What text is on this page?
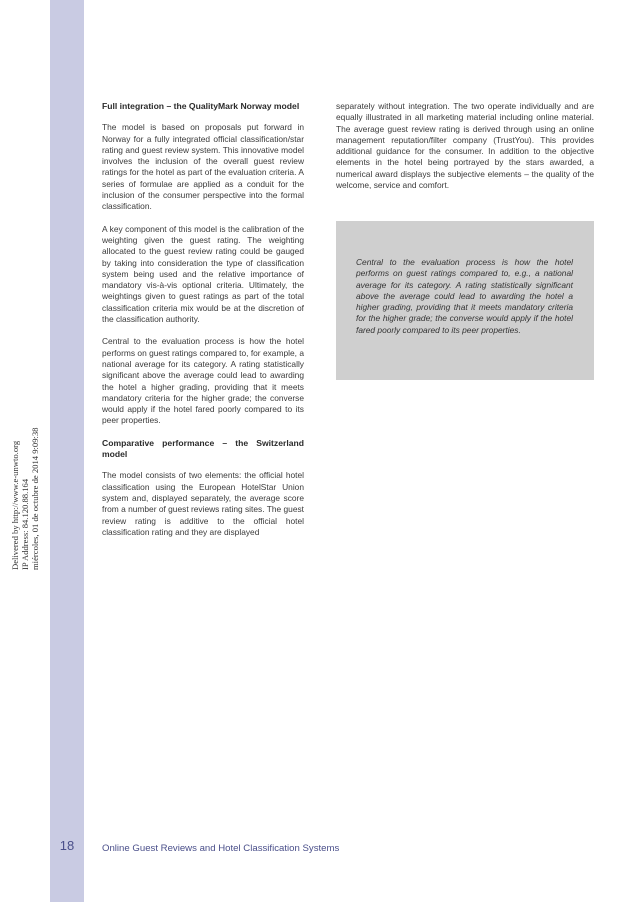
Delivered by http://www.e-unwto.org IP Address: 84.120.88.164 miércoles, 01 de octubre de 2014 9:09:38
Full integration – the QualityMark Norway model

The model is based on proposals put forward in Norway for a fully integrated official classification/star rating and guest review system. This innovative model involves the inclusion of the overall guest review ratings for the hotel as part of the evaluation criteria. A series of formulae are applied as a conduit for the inclusion of the consumer perspective into the formal classification.

A key component of this model is the calibration of the weighting given the guest rating. The weighting allocated to the guest review rating could be gauged by taking into consideration the type of classification system being used and the relative importance of mandatory vis-à-vis optional criteria. Ultimately, the weightings given to guest ratings as part of the total classification criteria mix would be at the discretion of the classification authority.

Central to the evaluation process is how the hotel performs on guest ratings compared to, for example, a national average for its category. A rating statistically significant above the average could lead to awarding the hotel a higher grading, providing that it meets mandatory criteria for the higher grade; the converse would apply if the hotel fared poorly compared to its peer properties.

Comparative performance – the Switzerland model

The model consists of two elements: the official hotel classification using the European HotelStar Union system and, displayed separately, the average score from a number of guest reviews rating sites. The guest review rating is additive to the official hotel classification rating and they are displayed

separately without integration. The two operate individually and are equally illustrated in all marketing material including online material. The average guest review rating is derived through using an online management reputation/filter company (TrustYou). This provides additional guidance for the consumer. In addition to the objective elements in the hotel being portrayed by the stars awarded, a numerical award displays the subjective elements – the quality of the welcome, service and comfort.

Central to the evaluation process is how the hotel performs on guest ratings compared to, e.g., a national average for its category. A rating statistically significant above the average could lead to awarding the hotel a higher grading, providing that it meets mandatory criteria for the higher grade; the converse would apply if the hotel fared poorly compared to its peer properties.

18	Online Guest Reviews and Hotel Classification Systems
